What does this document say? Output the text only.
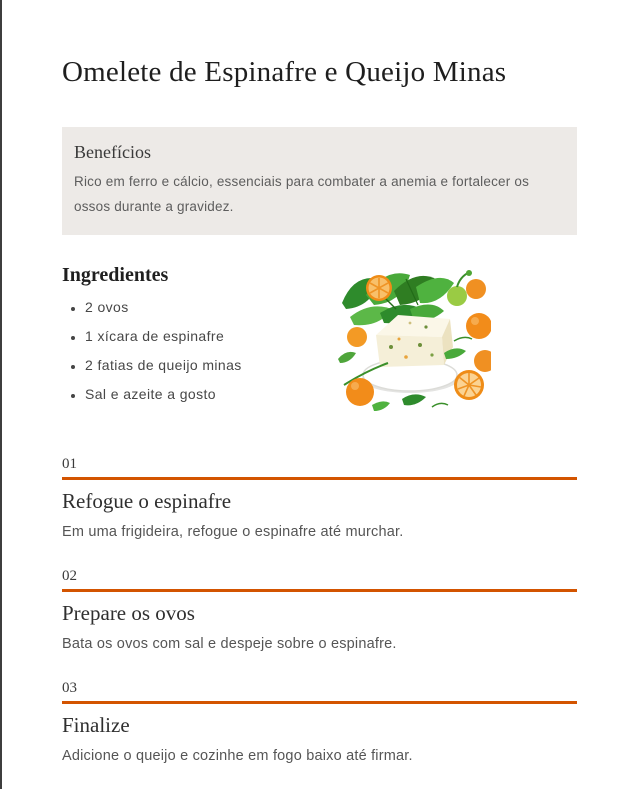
Omelete de Espinafre e Queijo Minas
Benefícios

Rico em ferro e cálcio, essenciais para combater a anemia e fortalecer os ossos durante a gravidez.

Ingredientes
• 2 ovos
• 1 xícara de espinafre
• 2 fatias de queijo minas
• Sal e azeite a gosto
01
Refogue o espinafre

Em uma frigideira, refogue o espinafre até murchar.

02
Prepare os ovos

Bata os ovos com sal e despeje sobre o espinafre.

03
Finalize

Adicione o queijo e cozinhe em fogo baixo até firmar.
